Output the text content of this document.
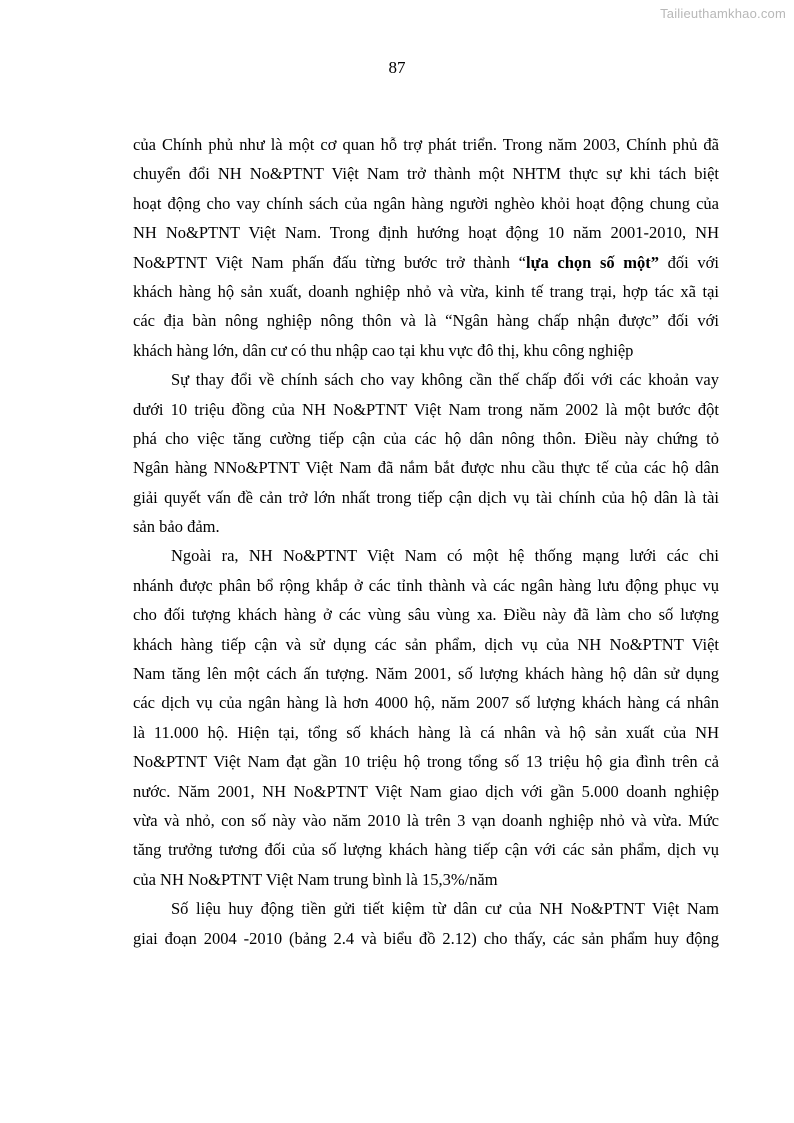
Tailieuthamkhao.com
87
của Chính phủ như là một cơ quan hỗ trợ phát triển. Trong năm 2003, Chính phủ đã
chuyển đổi NH No&PTNT Việt Nam trở thành một NHTM thực sự khi tách biệt
hoạt động cho vay chính sách của ngân hàng người nghèo khỏi hoạt động chung của
NH No&PTNT Việt Nam. Trong định hướng hoạt động 10 năm 2001-2010, NH
No&PTNT Việt Nam phấn đấu từng bước trở thành “lựa chọn số một” đối với
khách hàng hộ sản xuất, doanh nghiệp nhỏ và vừa, kinh tế trang trại, hợp tác xã tại
các địa bàn nông nghiệp nông thôn và là “Ngân hàng chấp nhận được” đối với
khách hàng lớn, dân cư có thu nhập cao tại khu vực đô thị, khu công nghiệp
Sự thay đổi về chính sách cho vay không cần thế chấp đối với các khoản vay
dưới 10 triệu đồng của NH No&PTNT Việt Nam trong năm 2002 là một bước đột
phá cho việc tăng cường tiếp cận của các hộ dân nông thôn. Điều này chứng tỏ
Ngân hàng NNo&PTNT Việt Nam đã nắm bắt được nhu cầu thực tế của các hộ dân
giải quyết vấn đề cản trở lớn nhất trong tiếp cận dịch vụ tài chính của hộ dân là tài
sản bảo đảm.
Ngoài ra, NH No&PTNT Việt Nam có một hệ thống mạng lưới các chi
nhánh được phân bổ rộng khắp ở các tỉnh thành và các ngân hàng lưu động phục vụ
cho đối tượng khách hàng ở các vùng sâu vùng xa. Điều này đã làm cho số lượng
khách hàng tiếp cận và sử dụng các sản phẩm, dịch vụ của NH No&PTNT Việt
Nam tăng lên một cách ấn tượng. Năm 2001, số lượng khách hàng hộ dân sử dụng
các dịch vụ của ngân hàng là hơn 4000 hộ, năm 2007 số lượng khách hàng cá nhân
là 11.000 hộ. Hiện tại, tổng số khách hàng là cá nhân và hộ sản xuất của NH
No&PTNT Việt Nam đạt gần 10 triệu hộ trong tổng số 13 triệu hộ gia đình trên cả
nước. Năm 2001, NH No&PTNT Việt Nam giao dịch với gần 5.000 doanh nghiệp
vừa và nhỏ, con số này vào năm 2010 là trên 3 vạn doanh nghiệp nhỏ và vừa. Mức
tăng trưởng tương đối của số lượng khách hàng tiếp cận với các sản phẩm, dịch vụ
của NH No&PTNT Việt Nam trung bình là 15,3%/năm
Số liệu huy động tiền gửi tiết kiệm từ dân cư của NH No&PTNT Việt Nam
giai đoạn 2004 -2010 (bảng 2.4 và biểu đồ 2.12) cho thấy, các sản phẩm huy động
